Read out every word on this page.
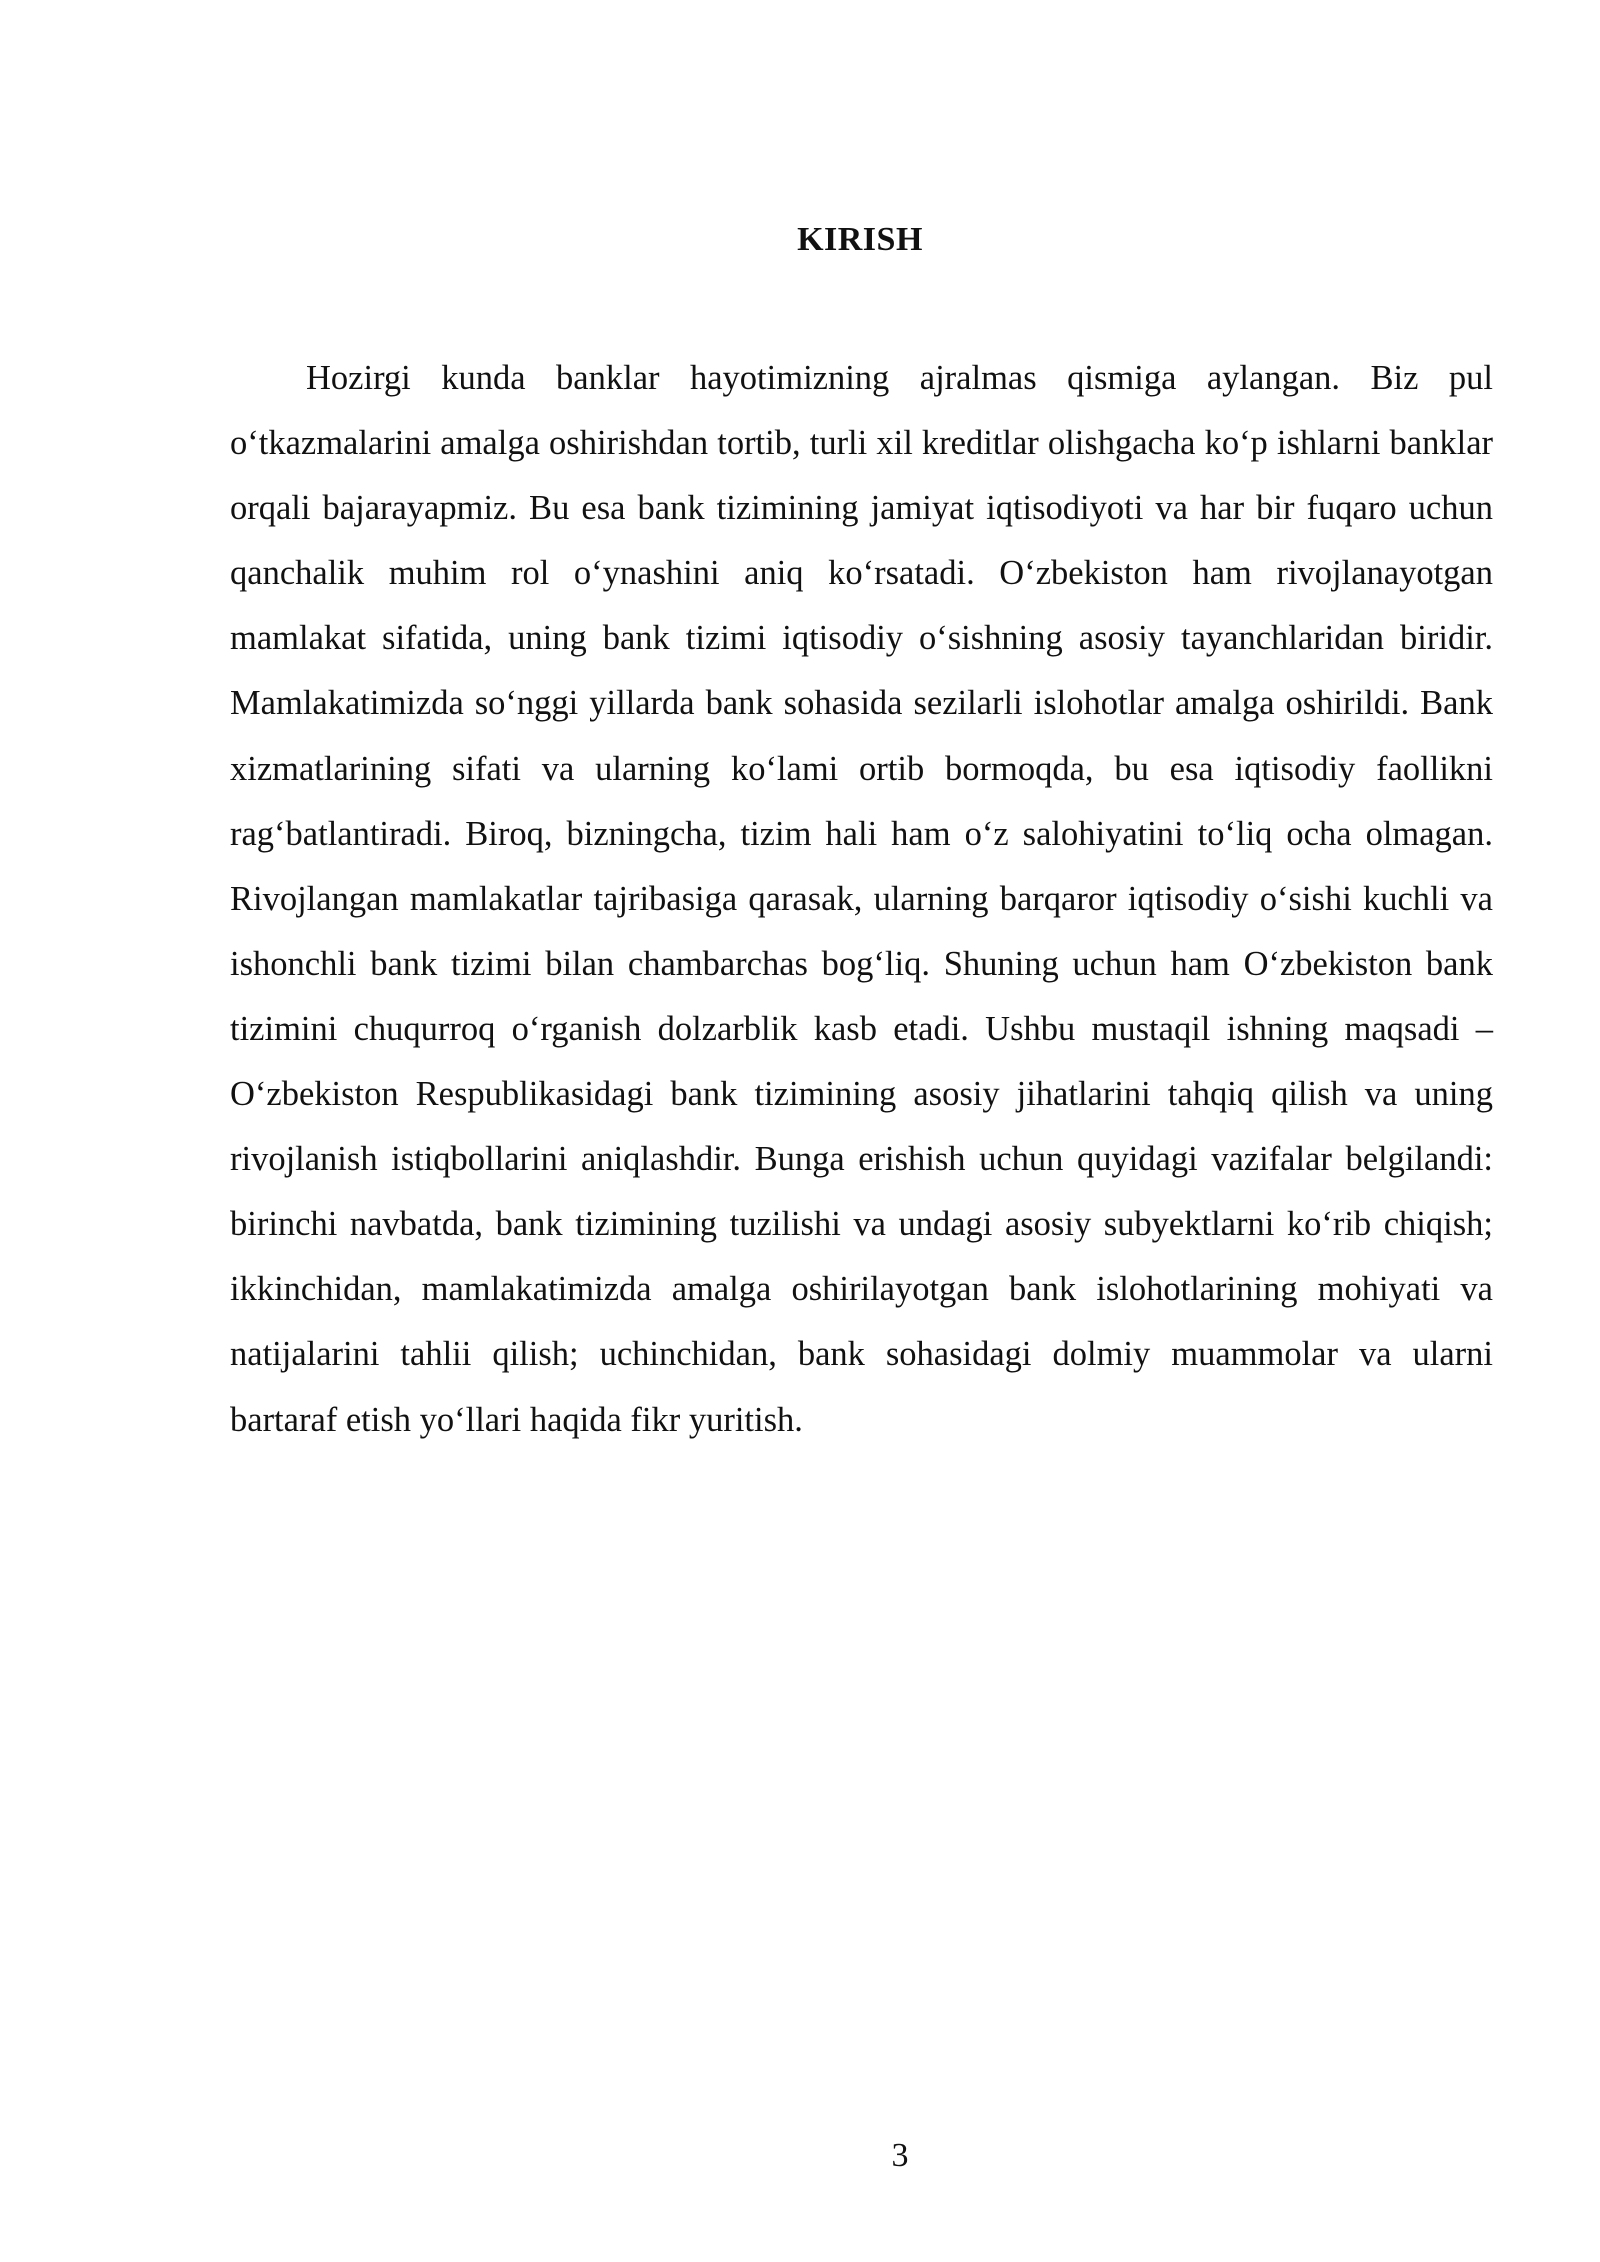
KIRISH

Hozirgi kunda banklar hayotimizning ajralmas qismiga aylangan. Biz pul o‘tkazmalarini amalga oshirishdan tortib, turli xil kreditlar olishgacha ko‘p ishlarni banklar orqali bajarayapmiz. Bu esa bank tizimining jamiyat iqtisodiyoti va har bir fuqaro uchun qanchalik muhim rol o‘ynashini aniq ko‘rsatadi. O‘zbekiston ham rivojlanayotgan mamlakat sifatida, uning bank tizimi iqtisodiy o‘sishning asosiy tayanchlaridan biridir. Mamlakatimizda so‘nggi yillarda bank sohasida sezilarli islohotlar amalga oshirildi. Bank xizmatlarining sifati va ularning ko‘lami ortib bormoqda, bu esa iqtisodiy faollikni rag‘batlantiradi. Biroq, bizningcha, tizim hali ham o‘z salohiyatini to‘liq ocha olmagan. Rivojlangan mamlakatlar tajribasiga qarasak, ularning barqaror iqtisodiy o‘sishi kuchli va ishonchli bank tizimi bilan chambarchas bog‘liq. Shuning uchun ham O‘zbekiston bank tizimini chuqurroq o‘rganish dolzarblik kasb etadi. Ushbu mustaqil ishning maqsadi – O‘zbekiston Respublikasidagi bank tizimining asosiy jihatlarini tahqiq qilish va uning rivojlanish istiqbollarini aniqlashdir. Bunga erishish uchun quyidagi vazifalar belgilandi: birinchi navbatda, bank tizimining tuzilishi va undagi asosiy subyektlarni ko‘rib chiqish; ikkinchidan, mamlakatimizda amalga oshirilayotgan bank islohotlarining mohiyati va natijalarini tahlii qilish; uchinchidan, bank sohasidagi dolmiy muammolar va ularni bartaraf etish yo‘llari haqida fikr yuritish.

3
